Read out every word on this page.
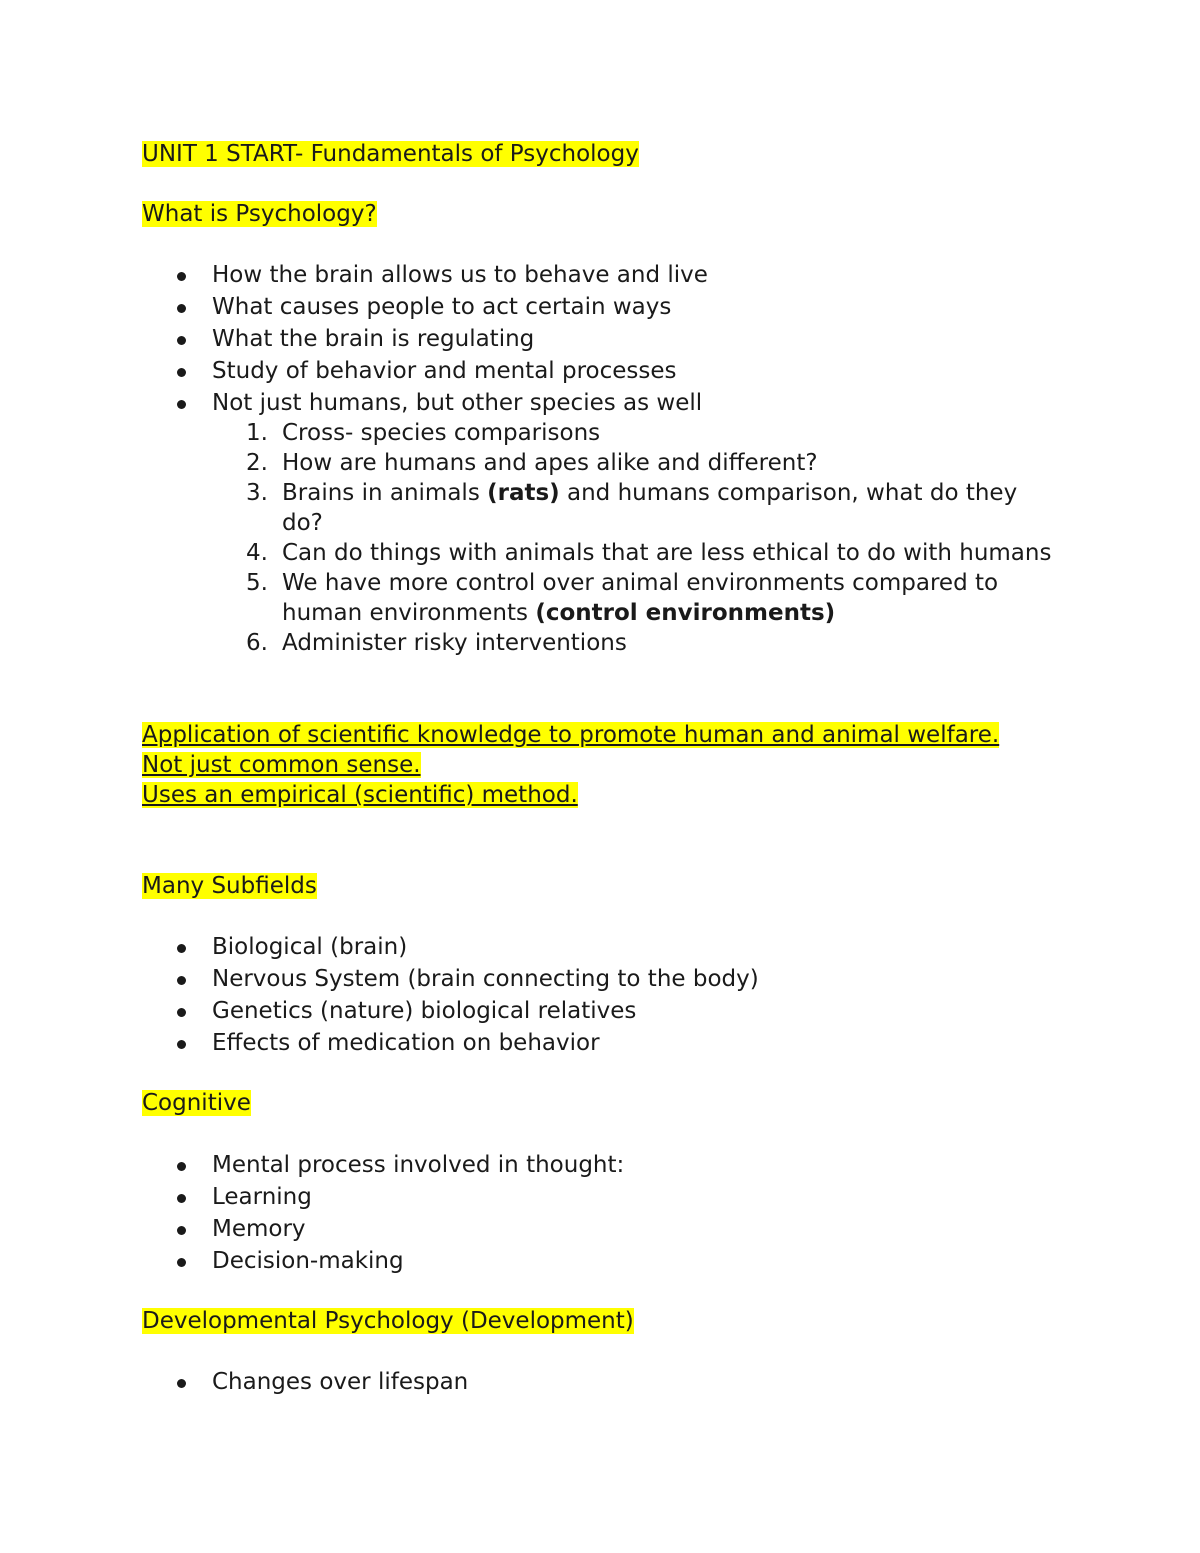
UNIT 1 START- Fundamentals of Psychology
What is Psychology?
How the brain allows us to behave and live
What causes people to act certain ways
What the brain is regulating
Study of behavior and mental processes
Not just humans, but other species as well
1. Cross- species comparisons
2. How are humans and apes alike and different?
3. Brains in animals (rats) and humans comparison, what do they do?
4. Can do things with animals that are less ethical to do with humans
5. We have more control over animal environments compared to human environments (control environments)
6. Administer risky interventions
Application of scientific knowledge to promote human and animal welfare.
Not just common sense.
Uses an empirical (scientific) method.
Many Subfields
Biological (brain)
Nervous System (brain connecting to the body)
Genetics (nature) biological relatives
Effects of medication on behavior
Cognitive
Mental process involved in thought:
Learning
Memory
Decision-making
Developmental Psychology (Development)
Changes over lifespan
